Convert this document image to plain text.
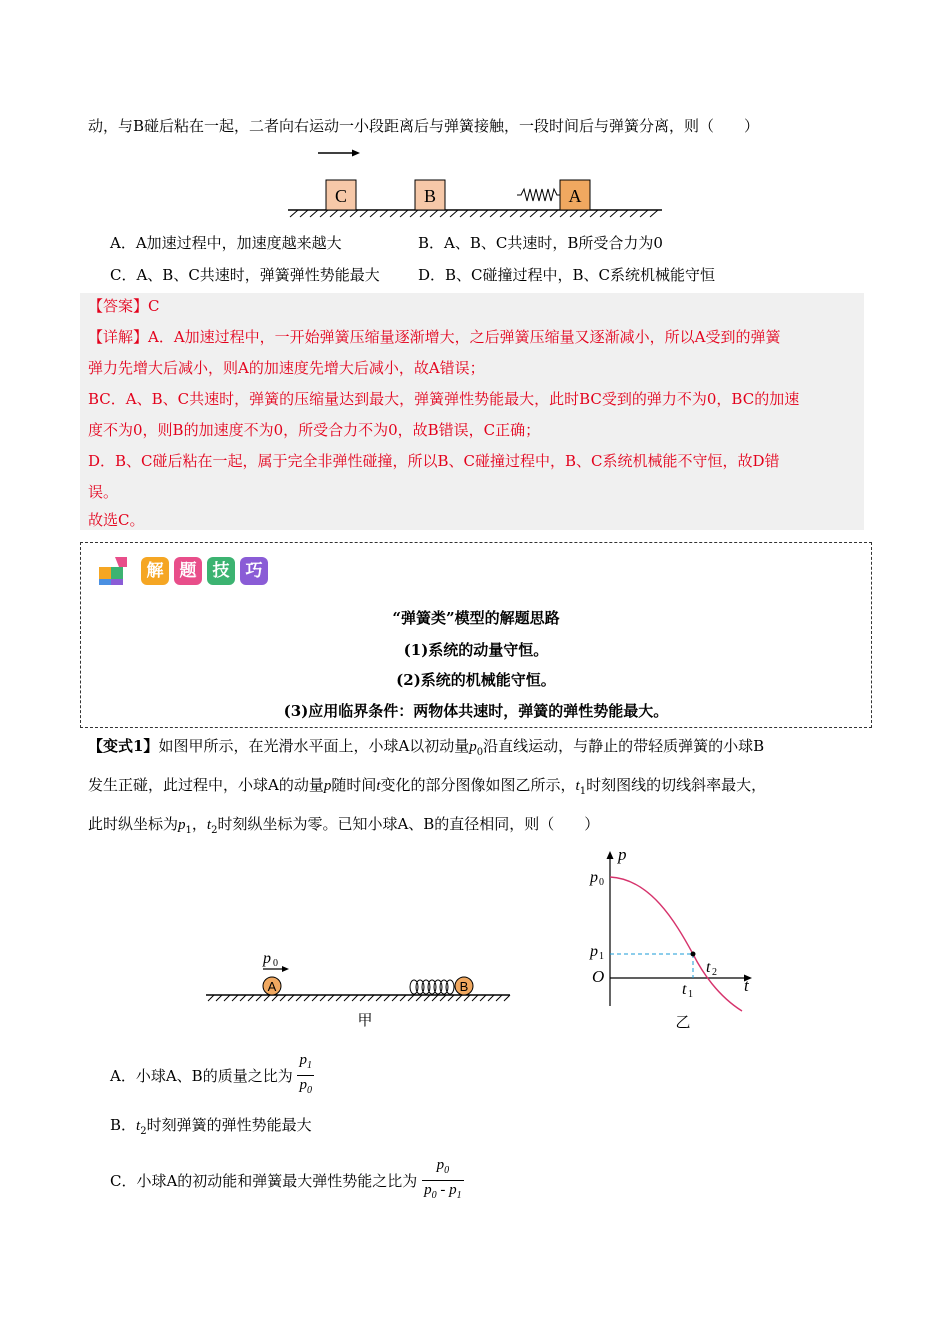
动，与B碰后粘在一起，二者向右运动一小段距离后与弹簧接触，一段时间后与弹簧分离，则（　　）
C	B	A
A．A加速过程中，加速度越来越大	B．A、B、C共速时，B所受合力为0
C．A、B、C共速时，弹簧弹性势能最大	D．B、C碰撞过程中，B、C系统机械能守恒
【答案】C
【详解】A．A加速过程中，一开始弹簧压缩量逐渐增大，之后弹簧压缩量又逐渐减小，所以A受到的弹簧
弹力先增大后减小，则A的加速度先增大后减小，故A错误；
BC．A、B、C共速时，弹簧的压缩量达到最大，弹簧弹性势能最大，此时BC受到的弹力不为0，BC的加速
度不为0，则B的加速度不为0，所受合力不为0，故B错误，C正确；
D．B、C碰后粘在一起，属于完全非弹性碰撞，所以B、C碰撞过程中，B、C系统机械能不守恒，故D错
误。
故选C。
解 题 技 巧
“弹簧类”模型的解题思路
(1)系统的动量守恒。
(2)系统的机械能守恒。
(3)应用临界条件：两物体共速时，弹簧的弹性势能最大。
【变式1】如图甲所示，在光滑水平面上，小球A以初动量$p_0$沿直线运动，与静止的带轻质弹簧的小球B
发生正碰，此过程中，小球A的动量p随时间t变化的部分图像如图乙所示，$t_1$时刻图线的切线斜率最大，
此时纵坐标为$p_1$，$t_2$时刻纵坐标为零。已知小球A、B的直径相同，则（　　）
p 0
A	B
甲
p
t
O
p 0
p 1
t 1
t 2
乙
A．小球A、B的质量之比为 $\frac{p_1}{p_0}$
B．$t_2$时刻弹簧的弹性势能最大
C．小球A的初动能和弹簧最大弹性势能之比为 $\frac{p_0}{p_0 - p_1}$
